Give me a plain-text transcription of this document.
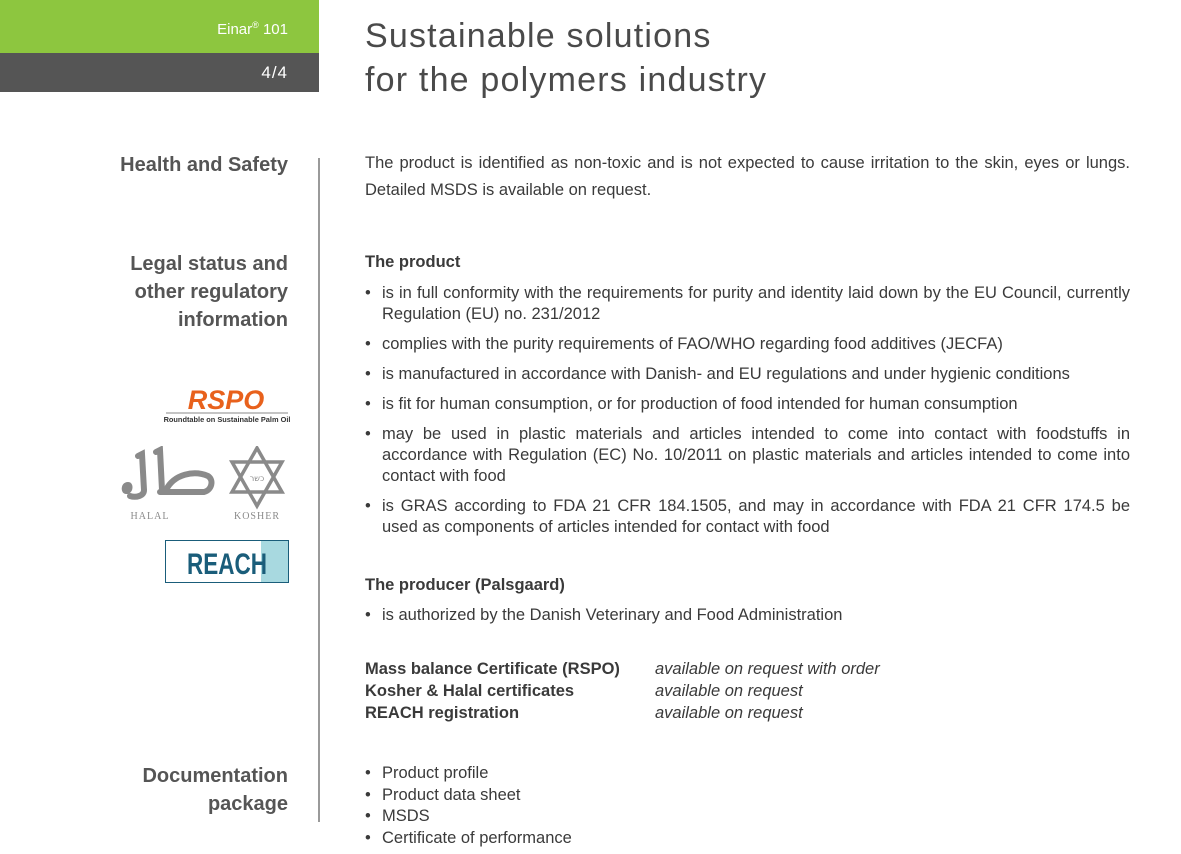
Einar® 101
4/4
Sustainable solutions
for the polymers industry
Health and Safety	The product is identified as non-toxic and is not expected to cause irritation to the skin, eyes or lungs. Detailed MSDS is available on request.
Legal status and
other regulatory
information
The product
• is in full conformity with the requirements for purity and identity laid down by the EU Council, currently Regulation (EU) no. 231/2012
• complies with the purity requirements of FAO/WHO regarding food additives (JECFA)
• is manufactured in accordance with Danish- and EU regulations and under hygienic conditions
• is fit for human consumption, or for production of food intended for human consumption
• may be used in plastic materials and articles intended to come into contact with foodstuffs in accordance with Regulation (EC) No. 10/2011 on plastic materials and articles intended to come into contact with food
• is GRAS according to FDA 21 CFR 184.1505, and may in accordance with FDA 21 CFR 174.5 be used as components of articles intended for contact with food
The producer (Palsgaard)
• is authorized by the Danish Veterinary and Food Administration
Mass balance Certificate (RSPO)	available on request with order
Kosher & Halal certificates	available on request
REACH registration	available on request
Documentation
package
• Product profile
• Product data sheet
• MSDS
• Certificate of performance
RSPO
Roundtable on Sustainable Palm Oil
HALAL
כשר
KOSHER
REACH
